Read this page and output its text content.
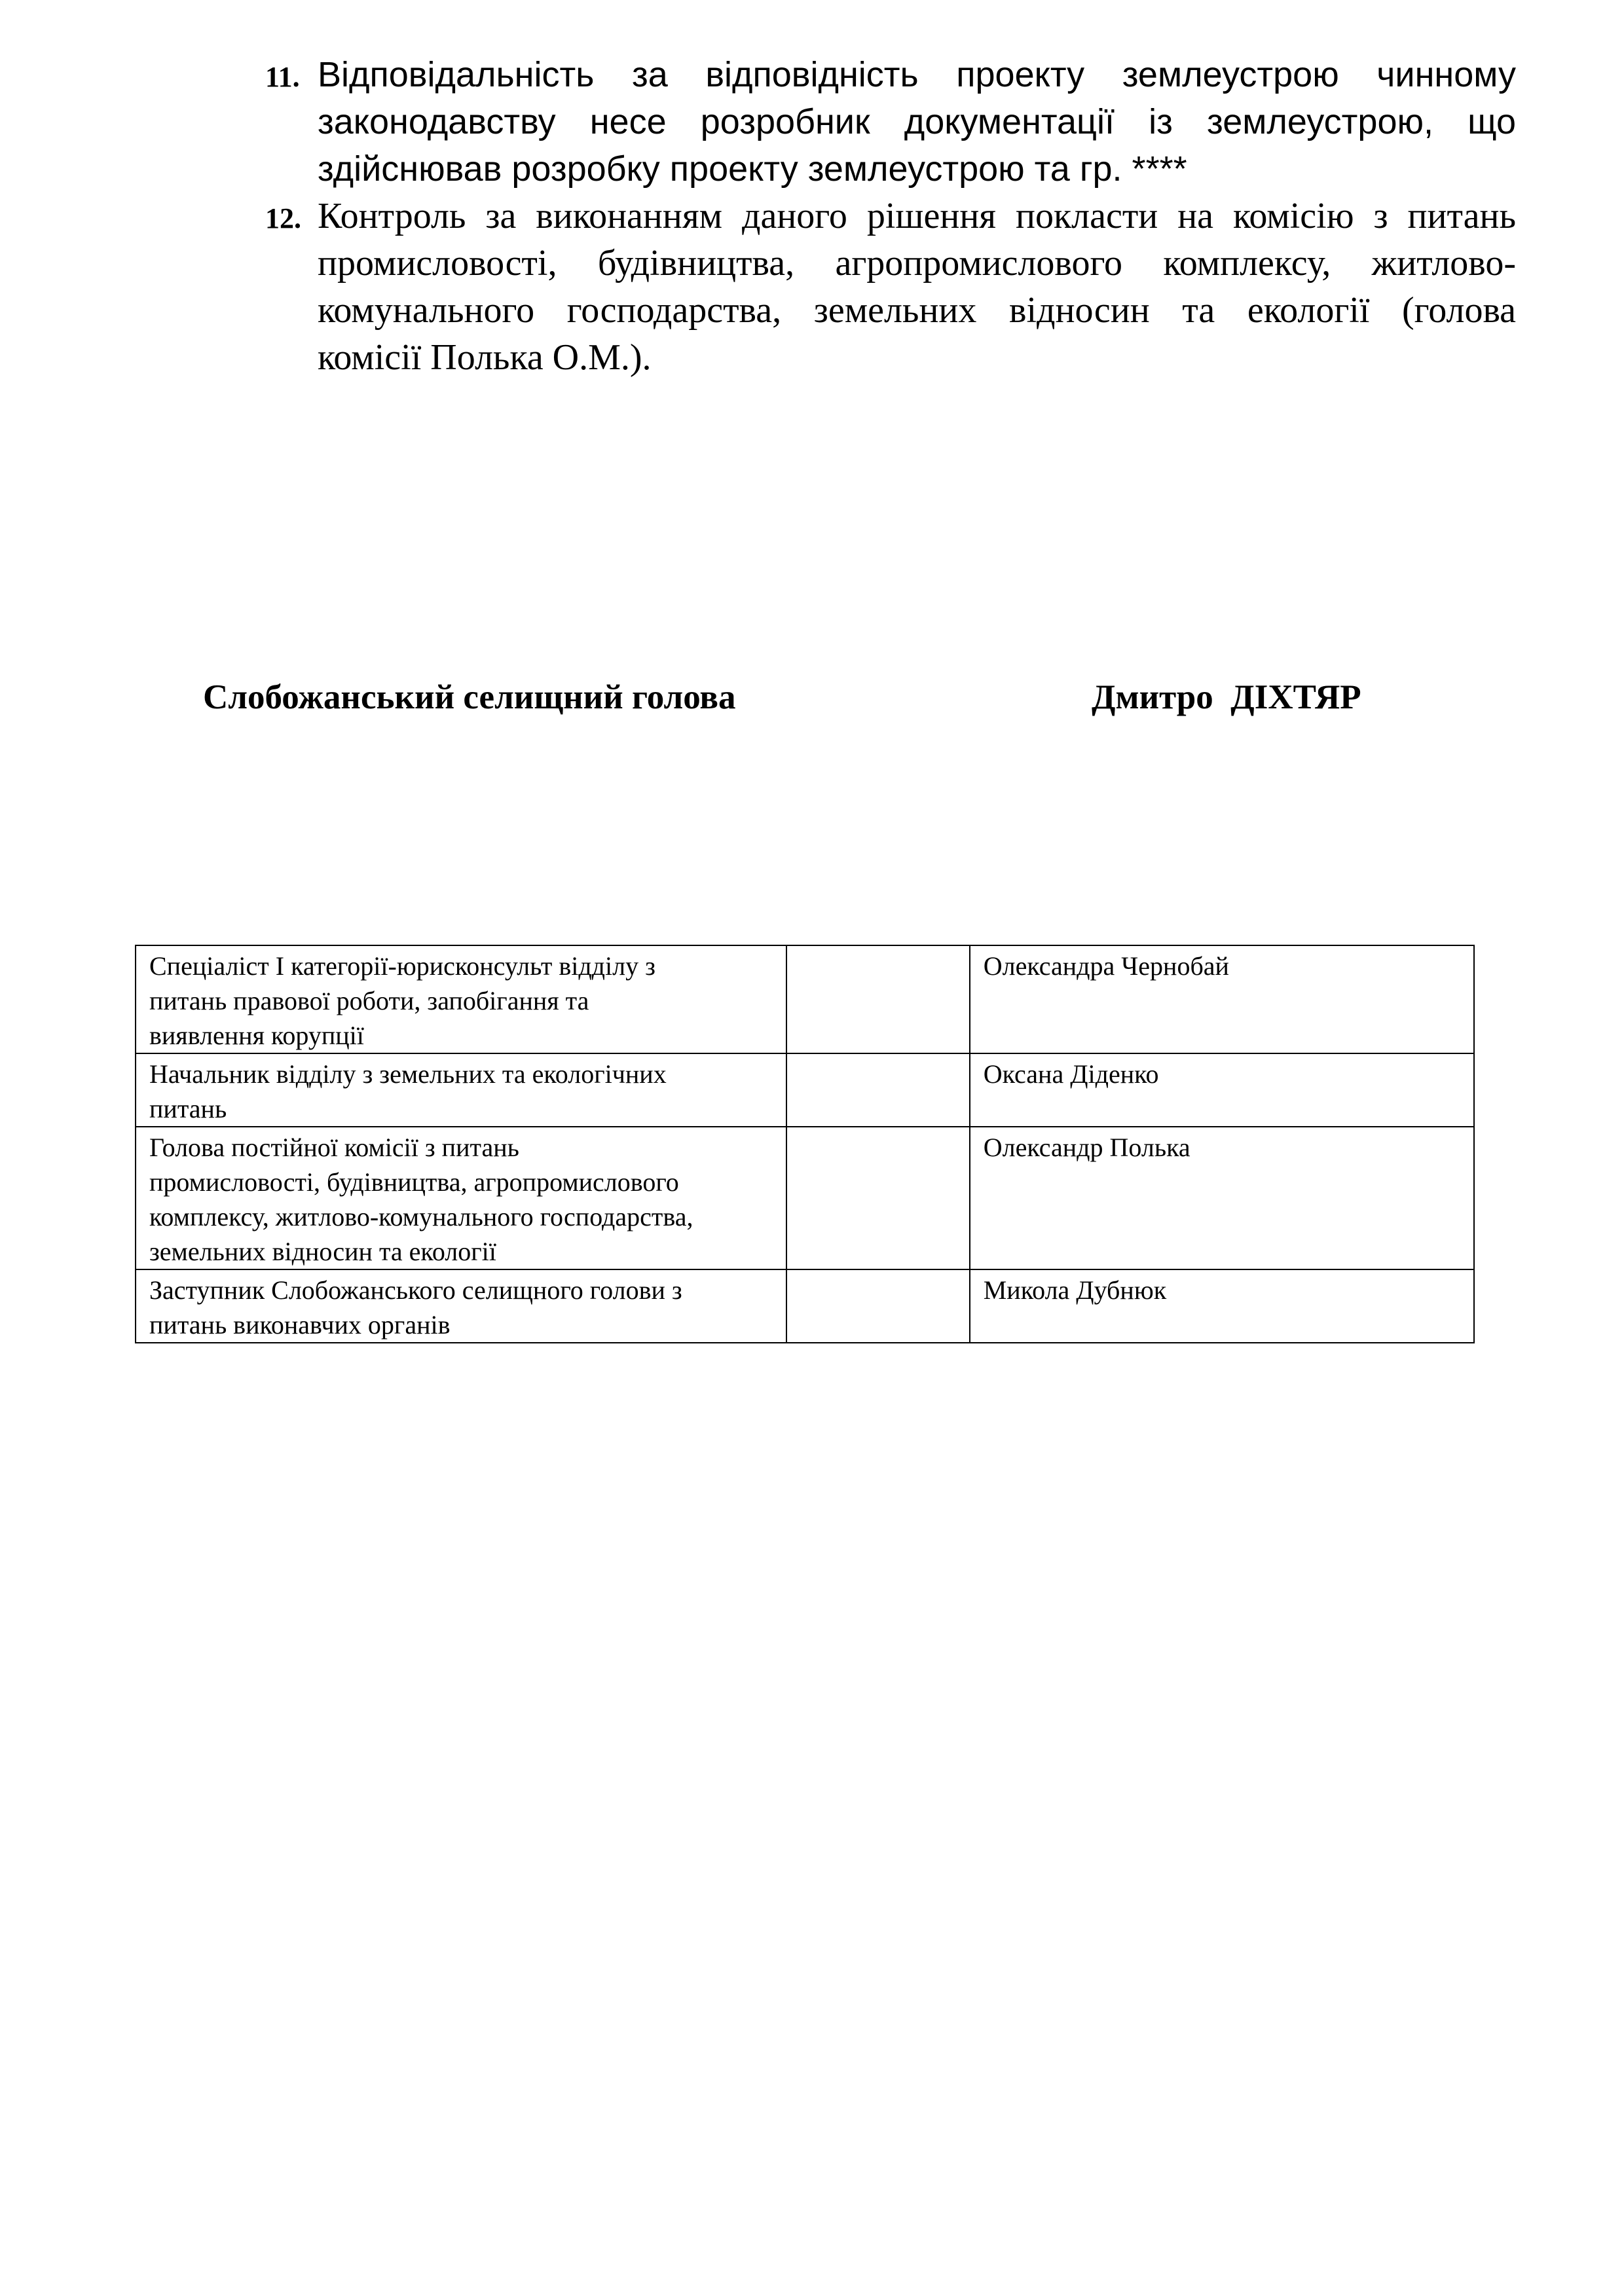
11. Відповідальність за відповідність проекту землеустрою чинному
законодавству несе розробник документації із землеустрою, що
здійснював розробку проекту землеустрою та гр. ****
12. Контроль за виконанням даного рішення покласти на комісію з питань
промисловості, будівництва, агропромислового комплексу, житлово-
комунального господарства, земельних відносин та екології (голова
комісії Полька О.М.).
Слобожанський селищний голова	Дмитро  ДІХТЯР
Спеціаліст І категорії-юрисконсульт відділу з
питань правової роботи, запобігання та
виявлення корупції		Олександра Чернобай

Начальник відділу з земельних та екологічних
питань		Оксана Діденко

Голова постійної комісії з питань
промисловості, будівництва, агропромислового
комплексу, житлово-комунального господарства,
земельних відносин та екології		Олександр Полька

Заступник Слобожанського селищного голови з
питань виконавчих органів		Микола Дубнюк
